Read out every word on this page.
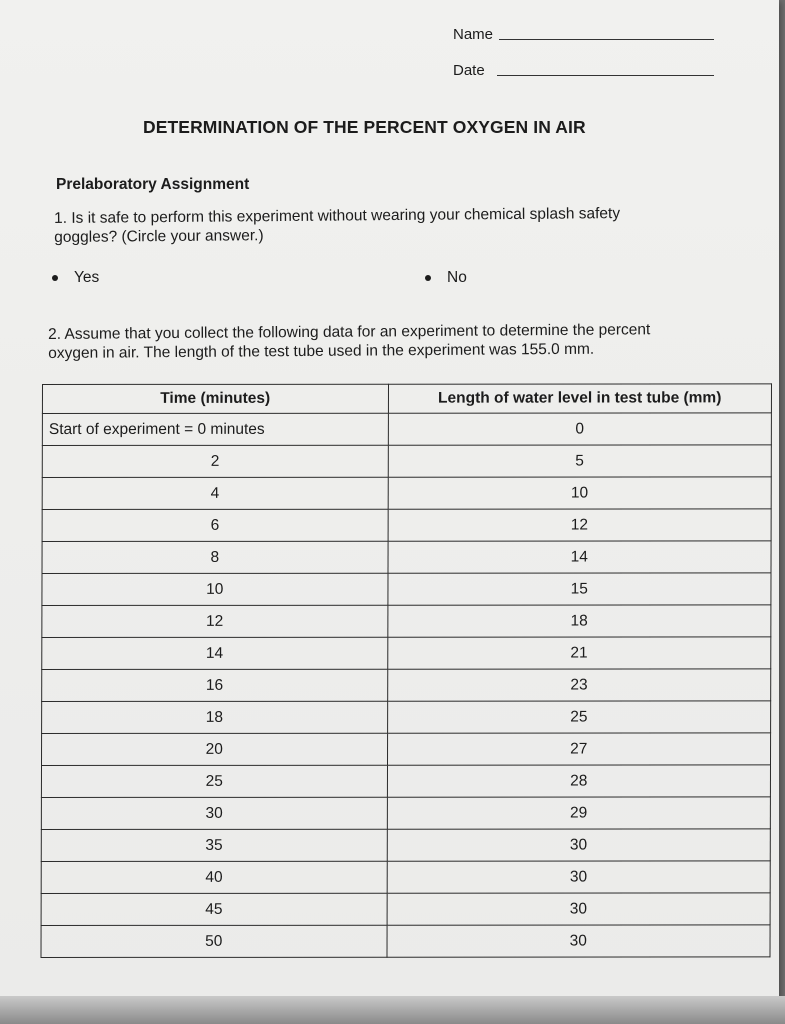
Name
Date
DETERMINATION OF THE PERCENT OXYGEN IN AIR
Prelaboratory Assignment
1. Is it safe to perform this experiment without wearing your chemical splash safety
goggles? (Circle your answer.)
Yes	No
2. Assume that you collect the following data for an experiment to determine the percent
oxygen in air. The length of the test tube used in the experiment was 155.0 mm.
Time (minutes)	Length of water level in test tube (mm)
Start of experiment = 0 minutes	0
2	5
4	10
6	12
8	14
10	15
12	18
14	21
16	23
18	25
20	27
25	28
30	29
35	30
40	30
45	30
50	30
